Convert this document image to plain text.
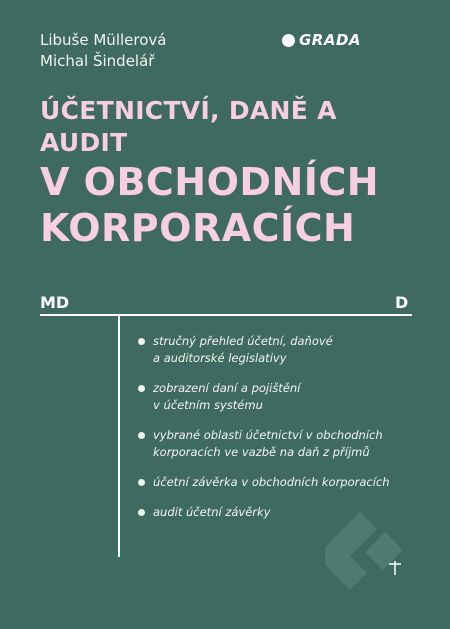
Libuše Müllerová
Michal Šindelář
GRADA
ÚČETNICTVÍ, DANĚ A AUDIT
V OBCHODNÍCH
KORPORACÍCH
MD	D
stručný přehled účetní, daňové
a auditorské legislativy
zobrazení daní a pojištění
v účetním systému
vybrané oblasti účetnictví v obchodních
korporacích ve vazbě na daň z příjmů
účetní závěrka v obchodních korporacích
audit účetní závěrky
